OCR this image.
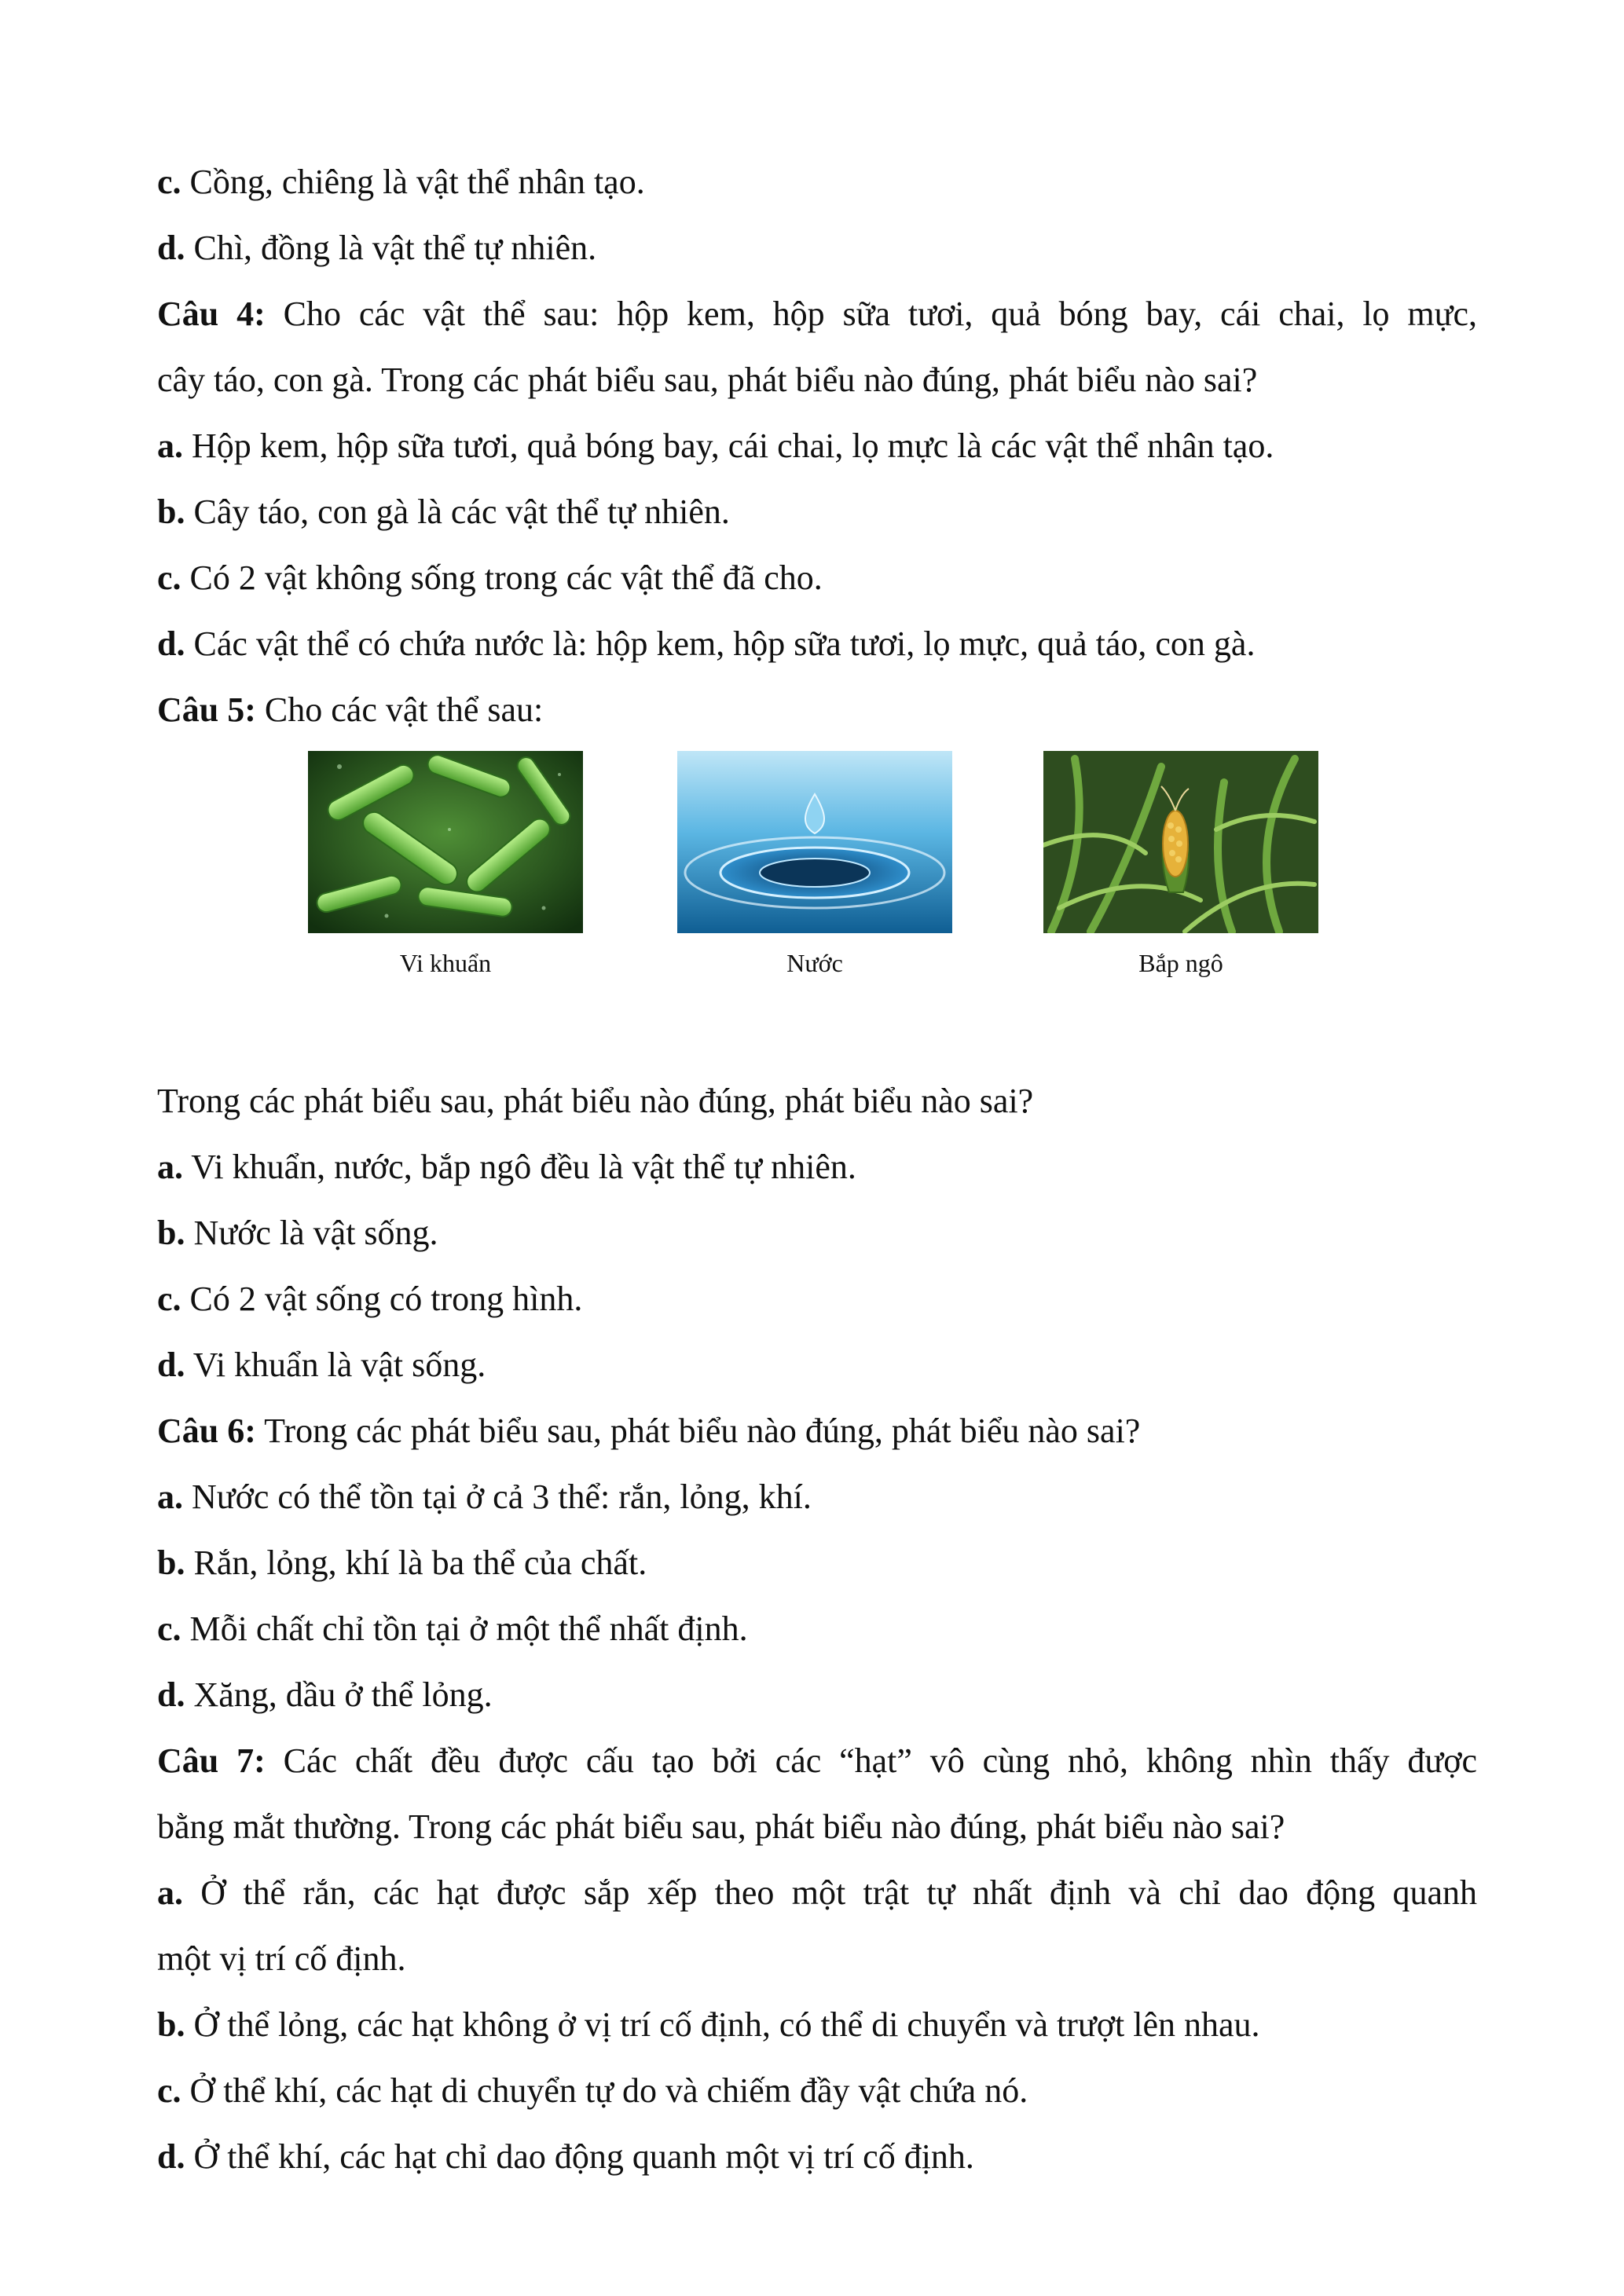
c. Cồng, chiêng là vật thể nhân tạo.
d. Chì, đồng là vật thể tự nhiên.
Câu 4: Cho các vật thể sau: hộp kem, hộp sữa tươi, quả bóng bay, cái chai, lọ mực,
cây táo, con gà. Trong các phát biểu sau, phát biểu nào đúng, phát biểu nào sai?
a. Hộp kem, hộp sữa tươi, quả bóng bay, cái chai, lọ mực là các vật thể nhân tạo.
b. Cây táo, con gà là các vật thể tự nhiên.
c. Có 2 vật không sống trong các vật thể đã cho.
d. Các vật thể có chứa nước là: hộp kem, hộp sữa tươi, lọ mực, quả táo, con gà.
Câu 5: Cho các vật thể sau:
Vi khuẩn	Nước	Bắp ngô
Trong các phát biểu sau, phát biểu nào đúng, phát biểu nào sai?
a. Vi khuẩn, nước, bắp ngô đều là vật thể tự nhiên.
b. Nước là vật sống.
c. Có 2 vật sống có trong hình.
d. Vi khuẩn là vật sống.
Câu 6: Trong các phát biểu sau, phát biểu nào đúng, phát biểu nào sai?
a. Nước có thể tồn tại ở cả 3 thể: rắn, lỏng, khí.
b. Rắn, lỏng, khí là ba thể của chất.
c. Mỗi chất chỉ tồn tại ở một thể nhất định.
d. Xăng, dầu ở thể lỏng.
Câu 7: Các chất đều được cấu tạo bởi các “hạt” vô cùng nhỏ, không nhìn thấy được
bằng mắt thường. Trong các phát biểu sau, phát biểu nào đúng, phát biểu nào sai?
a. Ở thể rắn, các hạt được sắp xếp theo một trật tự nhất định và chỉ dao động quanh
một vị trí cố định.
b. Ở thể lỏng, các hạt không ở vị trí cố định, có thể di chuyển và trượt lên nhau.
c. Ở thể khí, các hạt di chuyển tự do và chiếm đầy vật chứa nó.
d. Ở thể khí, các hạt chỉ dao động quanh một vị trí cố định.
